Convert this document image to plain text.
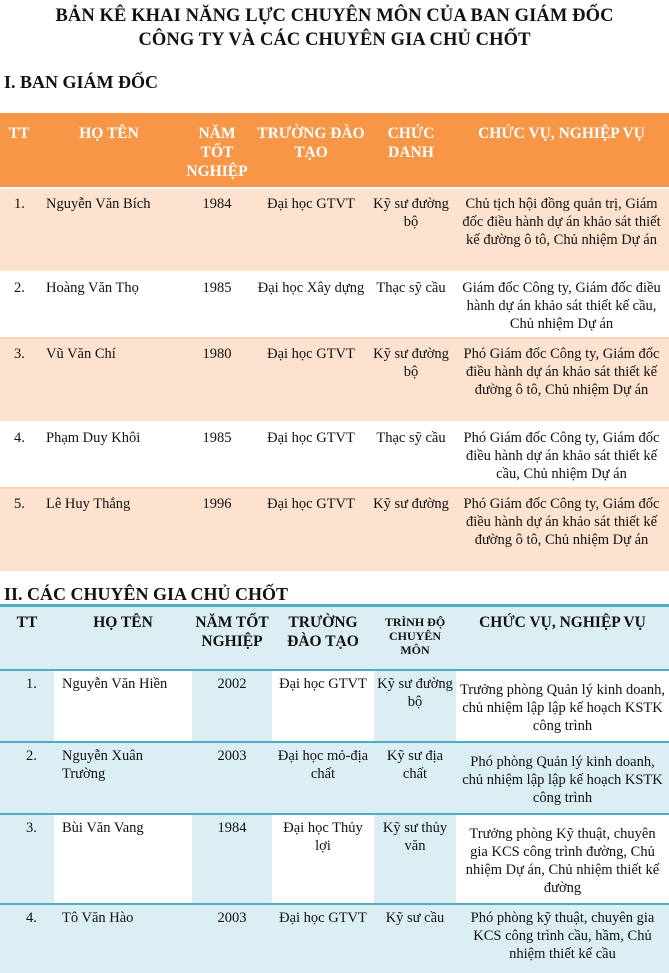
BẢN KÊ KHAI NĂNG LỰC CHUYÊN MÔN CỦA BAN GIÁM ĐỐC
CÔNG TY VÀ CÁC CHUYÊN GIA CHỦ CHỐT
I. BAN GIÁM ĐỐC
TT	HỌ TÊN	NĂM TỐT NGHIỆP	TRƯỜNG ĐÀO TẠO	CHỨC DANH	CHỨC VỤ, NGHIỆP VỤ
1.	Nguyễn Văn Bích	1984	Đại học GTVT	Kỹ sư đường bộ	Chủ tịch hội đồng quản trị, Giám đốc điều hành dự án khảo sát thiết kế đường ô tô, Chủ nhiệm Dự án
2.	Hoàng Văn Thọ	1985	Đại học Xây dựng	Thạc sỹ cầu	Giám đốc Công ty, Giám đốc điều hành dự án khảo sát thiết kế cầu, Chủ nhiệm Dự án
3.	Vũ Văn Chí	1980	Đại học GTVT	Kỹ sư đường bộ	Phó Giám đốc Công ty, Giám đốc điều hành dự án khảo sát thiết kế đường ô tô, Chủ nhiệm Dự án
4.	Phạm Duy Khôi	1985	Đại học GTVT	Thạc sỹ cầu	Phó Giám đốc Công ty, Giám đốc điều hành dự án khảo sát thiết kế cầu, Chủ nhiệm Dự án
5.	Lê Huy Thắng	1996	Đại học GTVT	Kỹ sư đường	Phó Giám đốc Công ty, Giám đốc điều hành dự án khảo sát thiết kế đường ô tô, Chủ nhiệm Dự án
II. CÁC CHUYÊN GIA CHỦ CHỐT
TT	HỌ TÊN	NĂM TỐT NGHIỆP	TRƯỜNG ĐÀO TẠO	TRÌNH ĐỘ CHUYÊN MÔN	CHỨC VỤ, NGHIỆP VỤ
1.	Nguyễn Văn Hiền	2002	Đại học GTVT	Kỹ sư đường bộ	Trưởng phòng Quản lý kinh doanh, chủ nhiệm lập lập kế hoạch KSTK công trình
2.	Nguyễn Xuân Trường	2003	Đại học mỏ-địa chất	Kỹ sư địa chất	Phó phòng Quản lý kinh doanh, chủ nhiệm lập lập kế hoạch KSTK công trình
3.	Bùi Văn Vang	1984	Đại học Thủy lợi	Kỹ sư thủy văn	Trưởng phòng Kỹ thuật, chuyên gia KCS công trình đường, Chủ nhiệm Dự án, Chủ nhiệm thiết kế đường
4.	Tô Văn Hào	2003	Đại học GTVT	Kỹ sư cầu	Phó phòng kỹ thuật, chuyên gia KCS công trình cầu, hầm, Chủ nhiệm thiết kế cầu
